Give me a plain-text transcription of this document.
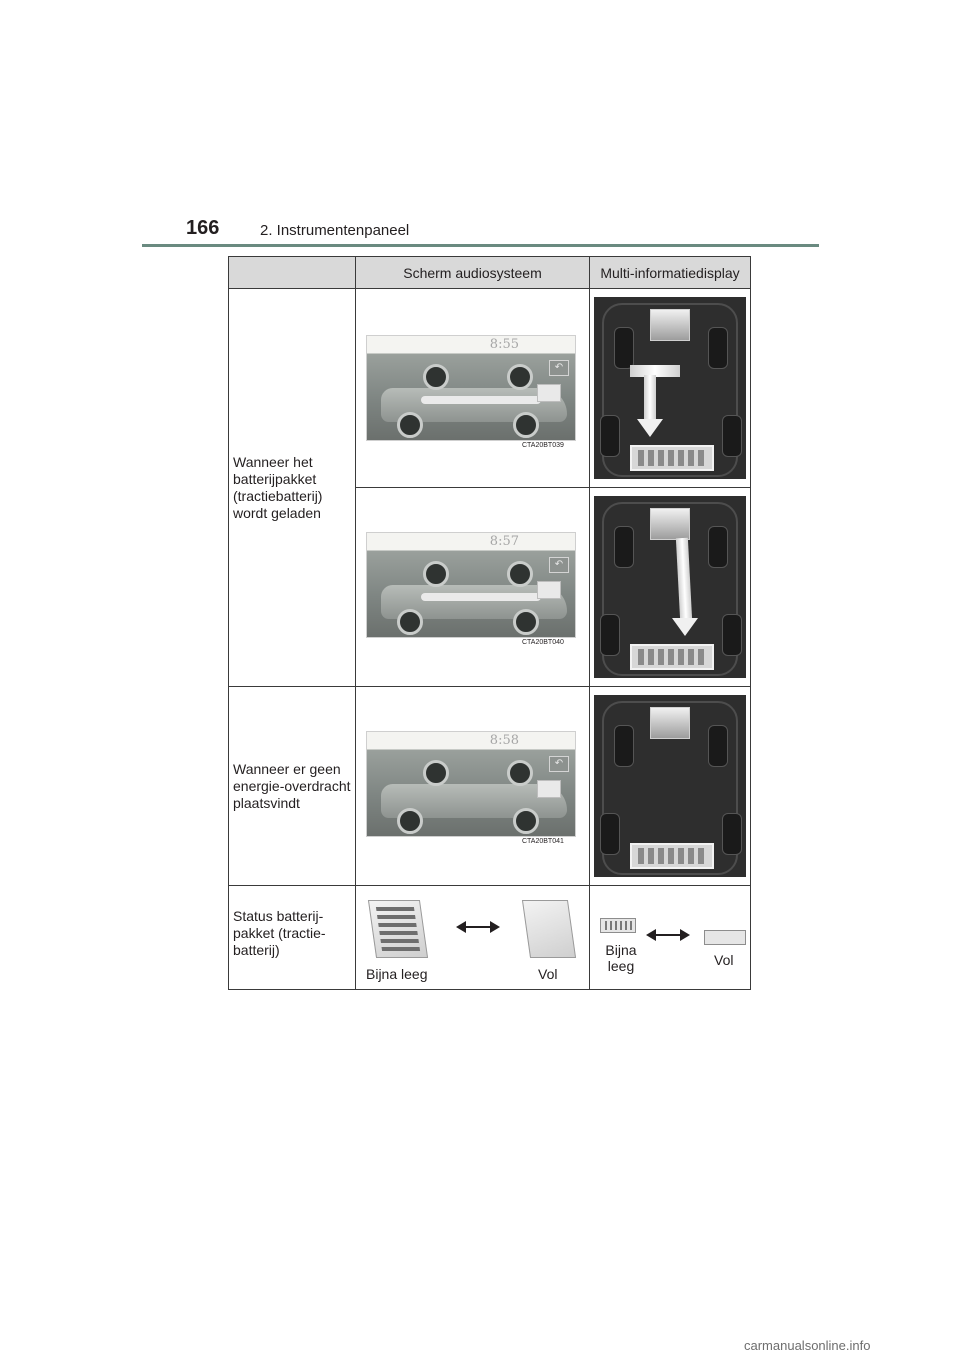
166	2. Instrumentenpaneel
	Scherm audiosysteem	Multi-informatiedisplay
Wanneer het batterijpakket (tractiebatterij) wordt geladen	8:55
↶
CTA20BT039	

	8:57
↶
CTA20BT040	

Wanneer er geen energie-overdracht plaatsvindt	8:58
↶
CTA20BT041	

Status batterij-pakket (tractie-batterij)	Bijna leeg Vol	Bijna leeg Vol
carmanualsonline.info
